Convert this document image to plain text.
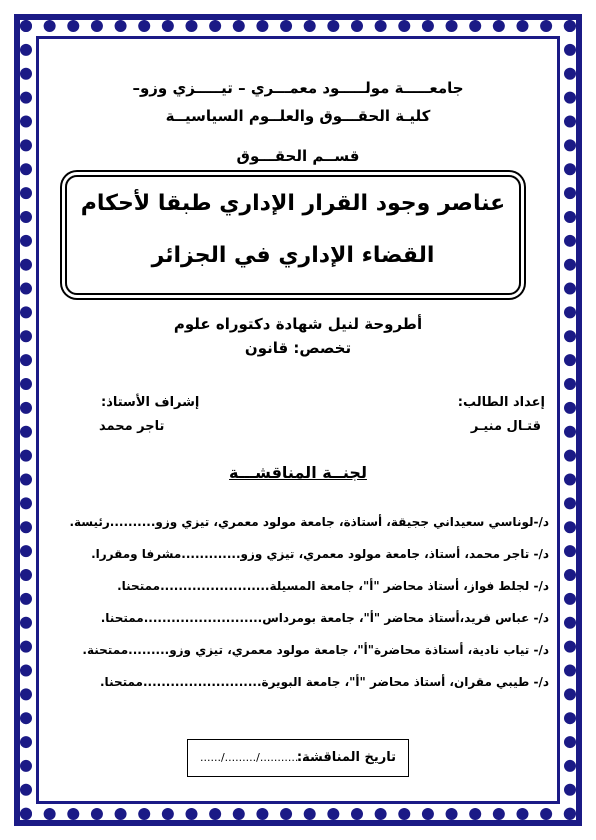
جامعـــــة مولـــــود معمـــري – تيـــــزي وزو–
كليـة الحقـــوق والعلــوم السياسيــة
قســم الحقـــوق
عناصر وجود القرار الإداري طبقا لأحكام
القضاء الإداري في الجزائر
أطروحة لنيل شهادة دكتوراه علوم
تخصص: قانون
إعداد الطالب:
قتـال منيـر
إشراف الأستاذ:
تاجر محمد
لجنــة المناقشـــة
د/-لوناسي سعيداني ججيقة، أستاذة، جامعة مولود معمري، تيزي وزو..........رئيسة.
د/- تاجر محمد، أستاذ، جامعة مولود معمري، تيزي وزو.............مشرفا ومقررا.
د/- لجلط فواز، أستاذ محاضر "أ"، جامعة المسيلة........................ممتحنا.
د/- عباس فريد،أستاذ محاضر "أ"، جامعة بومرداس..........................ممتحنا.
د/- تياب نادية، أستاذة محاضرة"أ"، جامعة مولود معمري، تيزي وزو.........ممتحنة.
د/- طيبي مقران، أستاذ محاضر "أ"، جامعة البويرة..........................ممتحنا.
تاريخ المناقشة:
....../........./................
